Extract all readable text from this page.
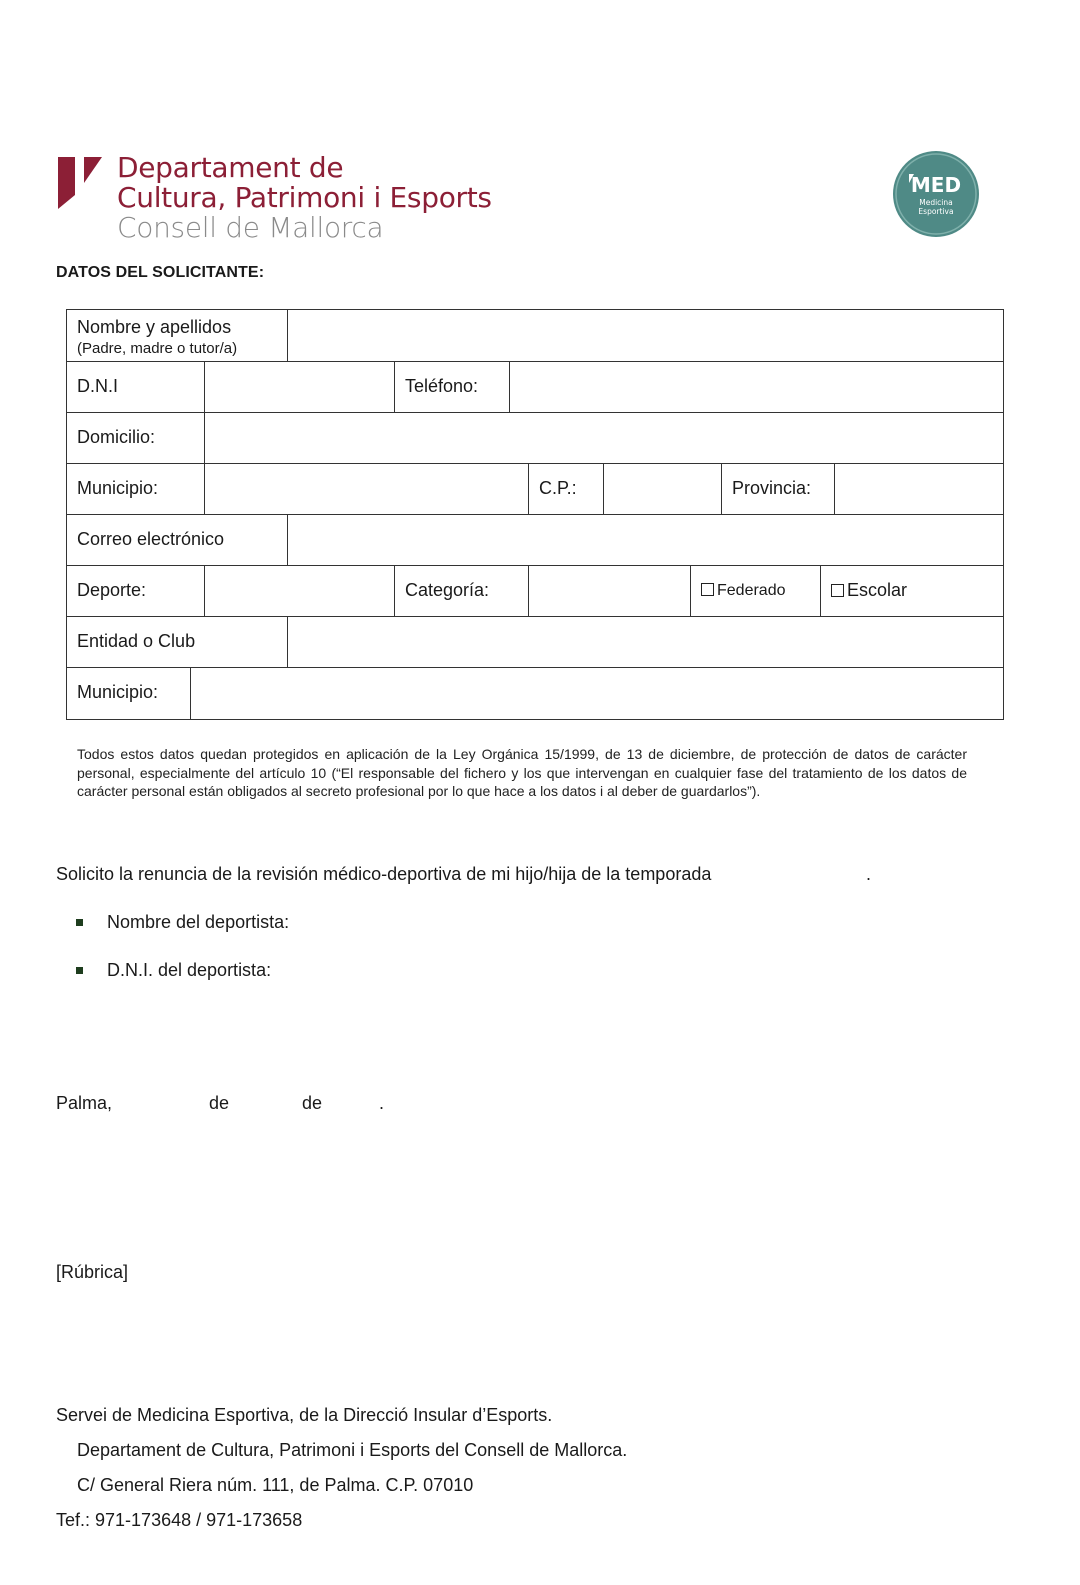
Departament de
Cultura, Patrimoni i Esports
Consell de Mallorca
MED
Medicina
Esportiva
DATOS DEL SOLICITANTE:
Nombre y apellidos
(Padre, madre o tutor/a)
D.N.I	Teléfono:
Domicilio:
Municipio:	C.P.:	Provincia:
Correo electrónico
Deporte:	Categoría:	Federado	Escolar
Entidad o Club
Municipio:
Todos estos datos quedan protegidos en aplicación de la Ley Orgánica 15/1999, de 13 de diciembre, de protección de datos de carácter personal, especialmente del artículo 10 (“El responsable del fichero y los que intervengan en cualquier fase del tratamiento de los datos de carácter personal están obligados al secreto profesional por lo que hace a los datos i al deber de guardarlos”).
Solicito la renuncia de la revisión médico-deportiva de mi hijo/hija de la temporada	.
Nombre del deportista:
D.N.I. del deportista:
Palma,	de	de	.
[Rúbrica]
Servei de Medicina Esportiva, de la Direcció Insular d’Esports.
Departament de Cultura, Patrimoni i Esports del Consell de Mallorca.
C/ General Riera núm. 111, de Palma. C.P. 07010
Tef.: 971-173648 / 971-173658
